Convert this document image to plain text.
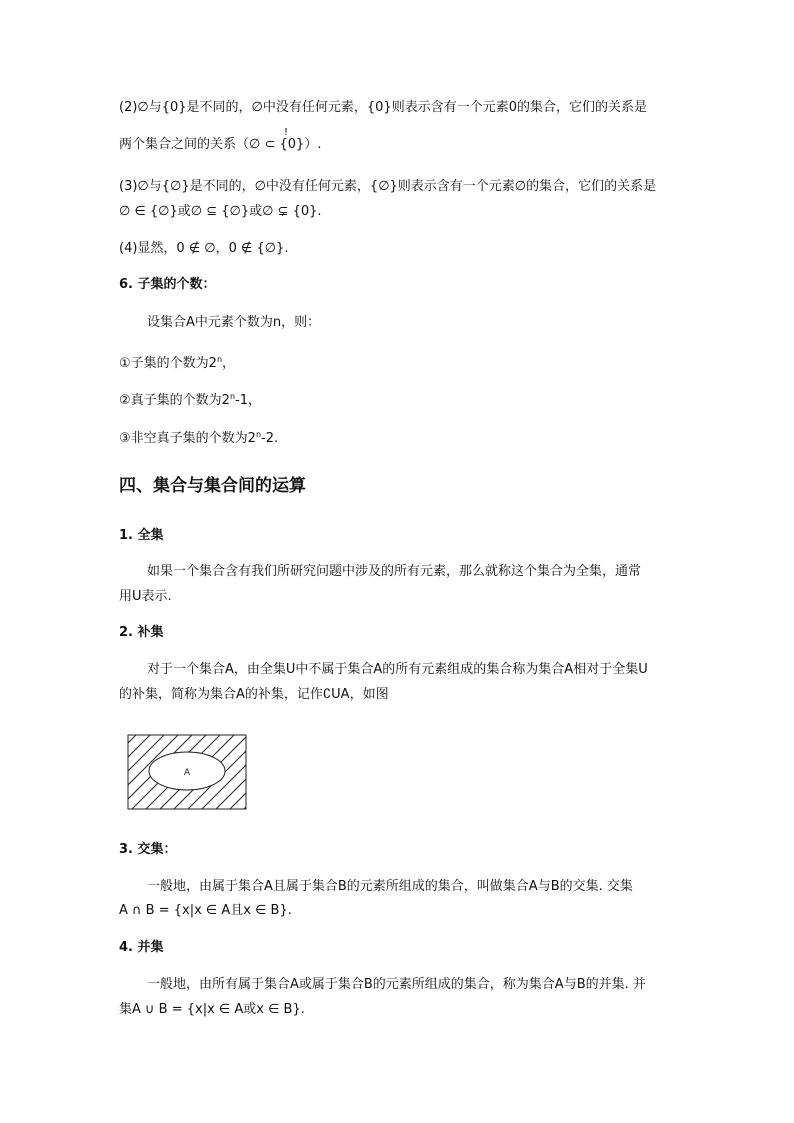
(2)∅与{0}是不同的，∅中没有任何元素，{0}则表示含有一个元素0的集合，它们的关系是
!
两个集合之间的关系（∅ ⊂ {0}）.
(3)∅与{∅}是不同的，∅中没有任何元素，{∅}则表示含有一个元素∅的集合，它们的关系是
∅ ∈ {∅}或∅ ⊆ {∅}或∅ ⊊ {0}.
(4)显然，0 ∉ ∅，0 ∉ {∅}.
6. 子集的个数：
设集合A中元素个数为n，则：
①子集的个数为2$^n$，
②真子集的个数为2$^n$-1，
③非空真子集的个数为2$^n$-2.
四、集合与集合间的运算
1. 全集
如果一个集合含有我们所研究问题中涉及的所有元素，那么就称这个集合为全集，通常
用U表示.
2. 补集
对于一个集合A，由全集U中不属于集合A的所有元素组成的集合称为集合A相对于全集U
的补集，简称为集合A的补集，记作∁UA，如图
A
3. 交集：
一般地，由属于集合A且属于集合B的元素所组成的集合，叫做集合A与B的交集. 交集
A ∩ B = {x|x ∈ A且x ∈ B}.
4. 并集
一般地，由所有属于集合A或属于集合B的元素所组成的集合，称为集合A与B的并集. 并
集A ∪ B = {x|x ∈ A或x ∈ B}.
